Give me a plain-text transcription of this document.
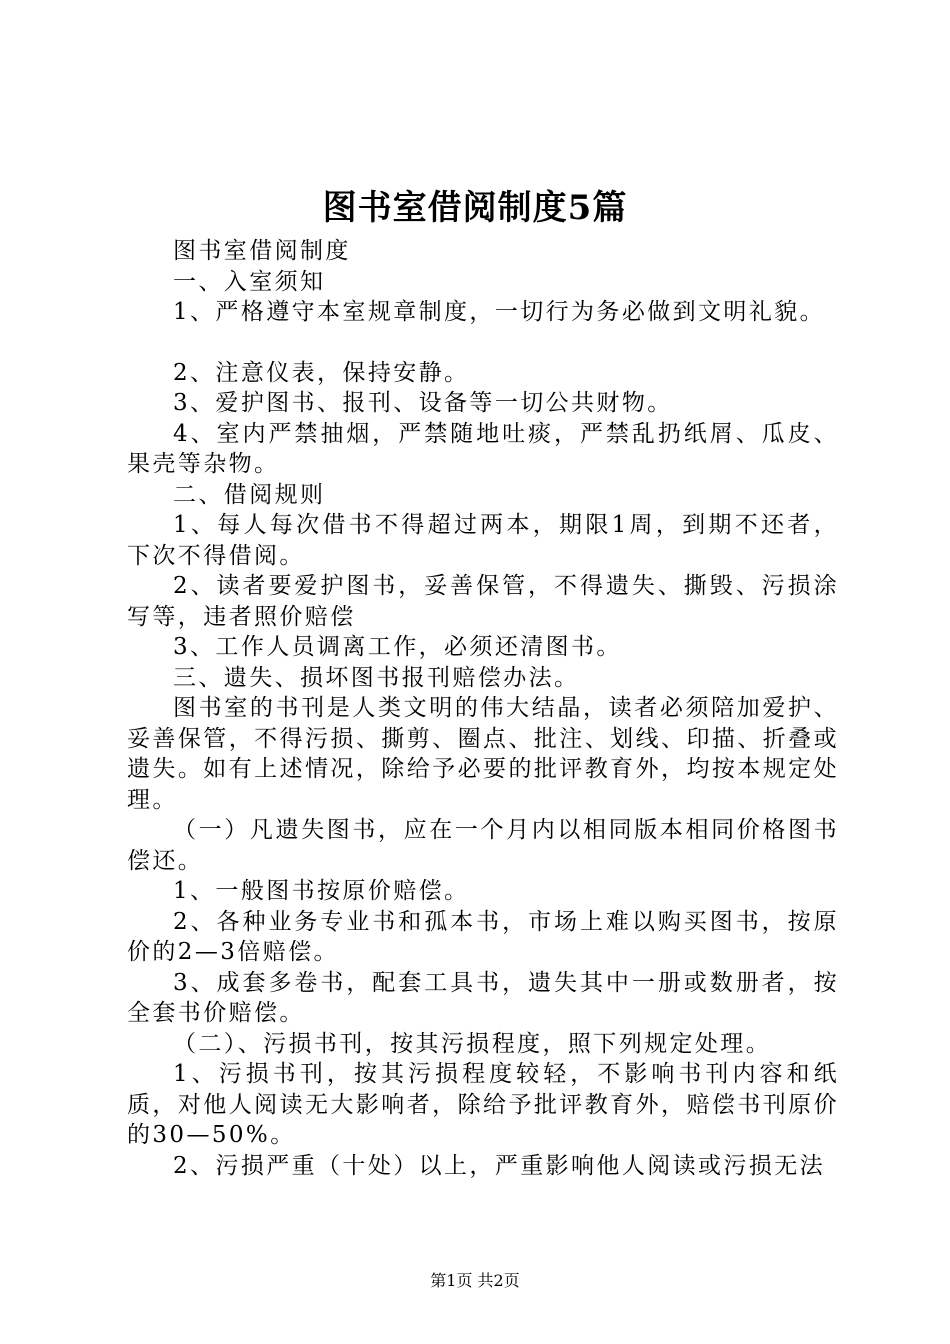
图书室借阅制度5篇

图书室借阅制度

一、入室须知

1、严格遵守本室规章制度，一切行为务必做到文明礼貌。

2、注意仪表，保持安静。

3、爱护图书、报刊、设备等一切公共财物。

4、室内严禁抽烟，严禁随地吐痰，严禁乱扔纸屑、瓜皮、果壳等杂物。

二、借阅规则

1、每人每次借书不得超过两本，期限1周，到期不还者，下次不得借阅。

2、读者要爱护图书，妥善保管，不得遗失、撕毁、污损涂写等，违者照价赔偿

3、工作人员调离工作，必须还清图书。

三、遗失、损坏图书报刊赔偿办法。

图书室的书刊是人类文明的伟大结晶，读者必须陪加爱护、妥善保管，不得污损、撕剪、圈点、批注、划线、印描、折叠或遗失。如有上述情况，除给予必要的批评教育外，均按本规定处理。

（一）凡遗失图书，应在一个月内以相同版本相同价格图书偿还。

1、一般图书按原价赔偿。

2、各种业务专业书和孤本书，市场上难以购买图书，按原价的2—3倍赔偿。

3、成套多卷书，配套工具书，遗失其中一册或数册者，按全套书价赔偿。

（二）、污损书刊，按其污损程度，照下列规定处理。

1、污损书刊，按其污损程度较轻，不影响书刊内容和纸质，对他人阅读无大影响者，除给予批评教育外，赔偿书刊原价的30—50%。

2、污损严重（十处）以上，严重影响他人阅读或污损无法

第1页 共2页
